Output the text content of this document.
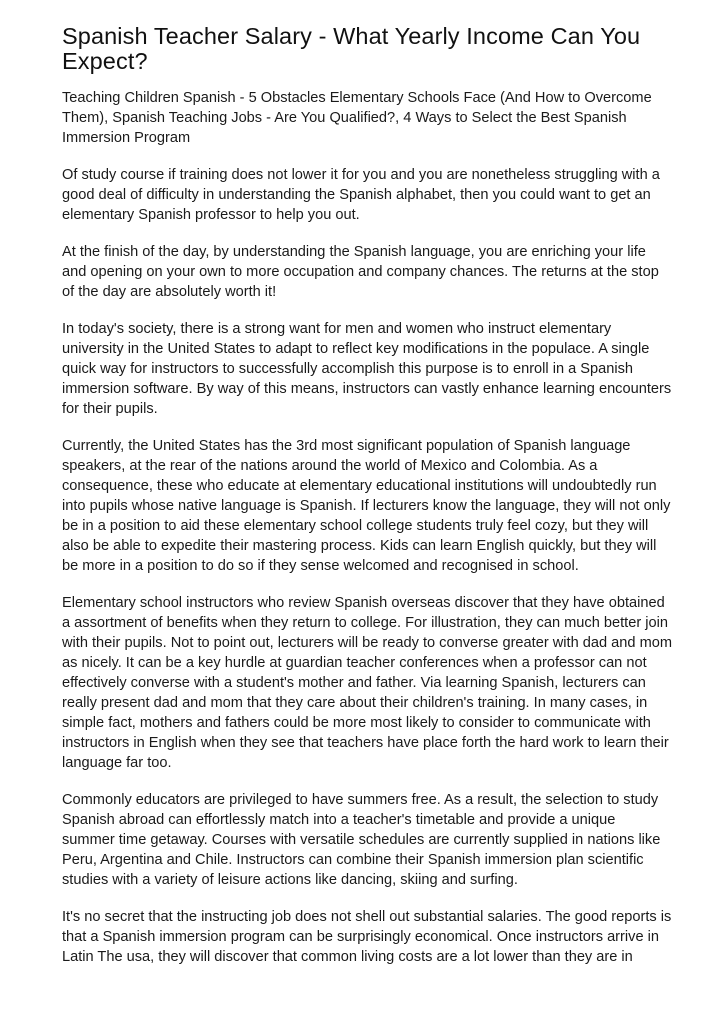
Spanish Teacher Salary - What Yearly Income Can You Expect?

Teaching Children Spanish - 5 Obstacles Elementary Schools Face (And How to Overcome Them), Spanish Teaching Jobs - Are You Qualified?, 4 Ways to Select the Best Spanish Immersion Program

Of study course if training does not lower it for you and you are nonetheless struggling with a good deal of difficulty in understanding the Spanish alphabet, then you could want to get an elementary Spanish professor to help you out.

At the finish of the day, by understanding the Spanish language, you are enriching your life and opening on your own to more occupation and company chances. The returns at the stop of the day are absolutely worth it!

In today's society, there is a strong want for men and women who instruct elementary university in the United States to adapt to reflect key modifications in the populace. A single quick way for instructors to successfully accomplish this purpose is to enroll in a Spanish immersion software. By way of this means, instructors can vastly enhance learning encounters for their pupils.

Currently, the United States has the 3rd most significant population of Spanish language speakers, at the rear of the nations around the world of Mexico and Colombia. As a consequence, these who educate at elementary educational institutions will undoubtedly run into pupils whose native language is Spanish. If lecturers know the language, they will not only be in a position to aid these elementary school college students truly feel cozy, but they will also be able to expedite their mastering process. Kids can learn English quickly, but they will be more in a position to do so if they sense welcomed and recognised in school.

Elementary school instructors who review Spanish overseas discover that they have obtained a assortment of benefits when they return to college. For illustration, they can much better join with their pupils. Not to point out, lecturers will be ready to converse greater with dad and mom as nicely. It can be a key hurdle at guardian teacher conferences when a professor can not effectively converse with a student's mother and father. Via learning Spanish, lecturers can really present dad and mom that they care about their children's training. In many cases, in simple fact, mothers and fathers could be more most likely to consider to communicate with instructors in English when they see that teachers have place forth the hard work to learn their language far too.

Commonly educators are privileged to have summers free. As a result, the selection to study Spanish abroad can effortlessly match into a teacher's timetable and provide a unique summer time getaway. Courses with versatile schedules are currently supplied in nations like Peru, Argentina and Chile. Instructors can combine their Spanish immersion plan scientific studies with a variety of leisure actions like dancing, skiing and surfing.

It's no secret that the instructing job does not shell out substantial salaries. The good reports is that a Spanish immersion program can be surprisingly economical. Once instructors arrive in Latin The usa, they will discover that common living costs are a lot lower than they are in
